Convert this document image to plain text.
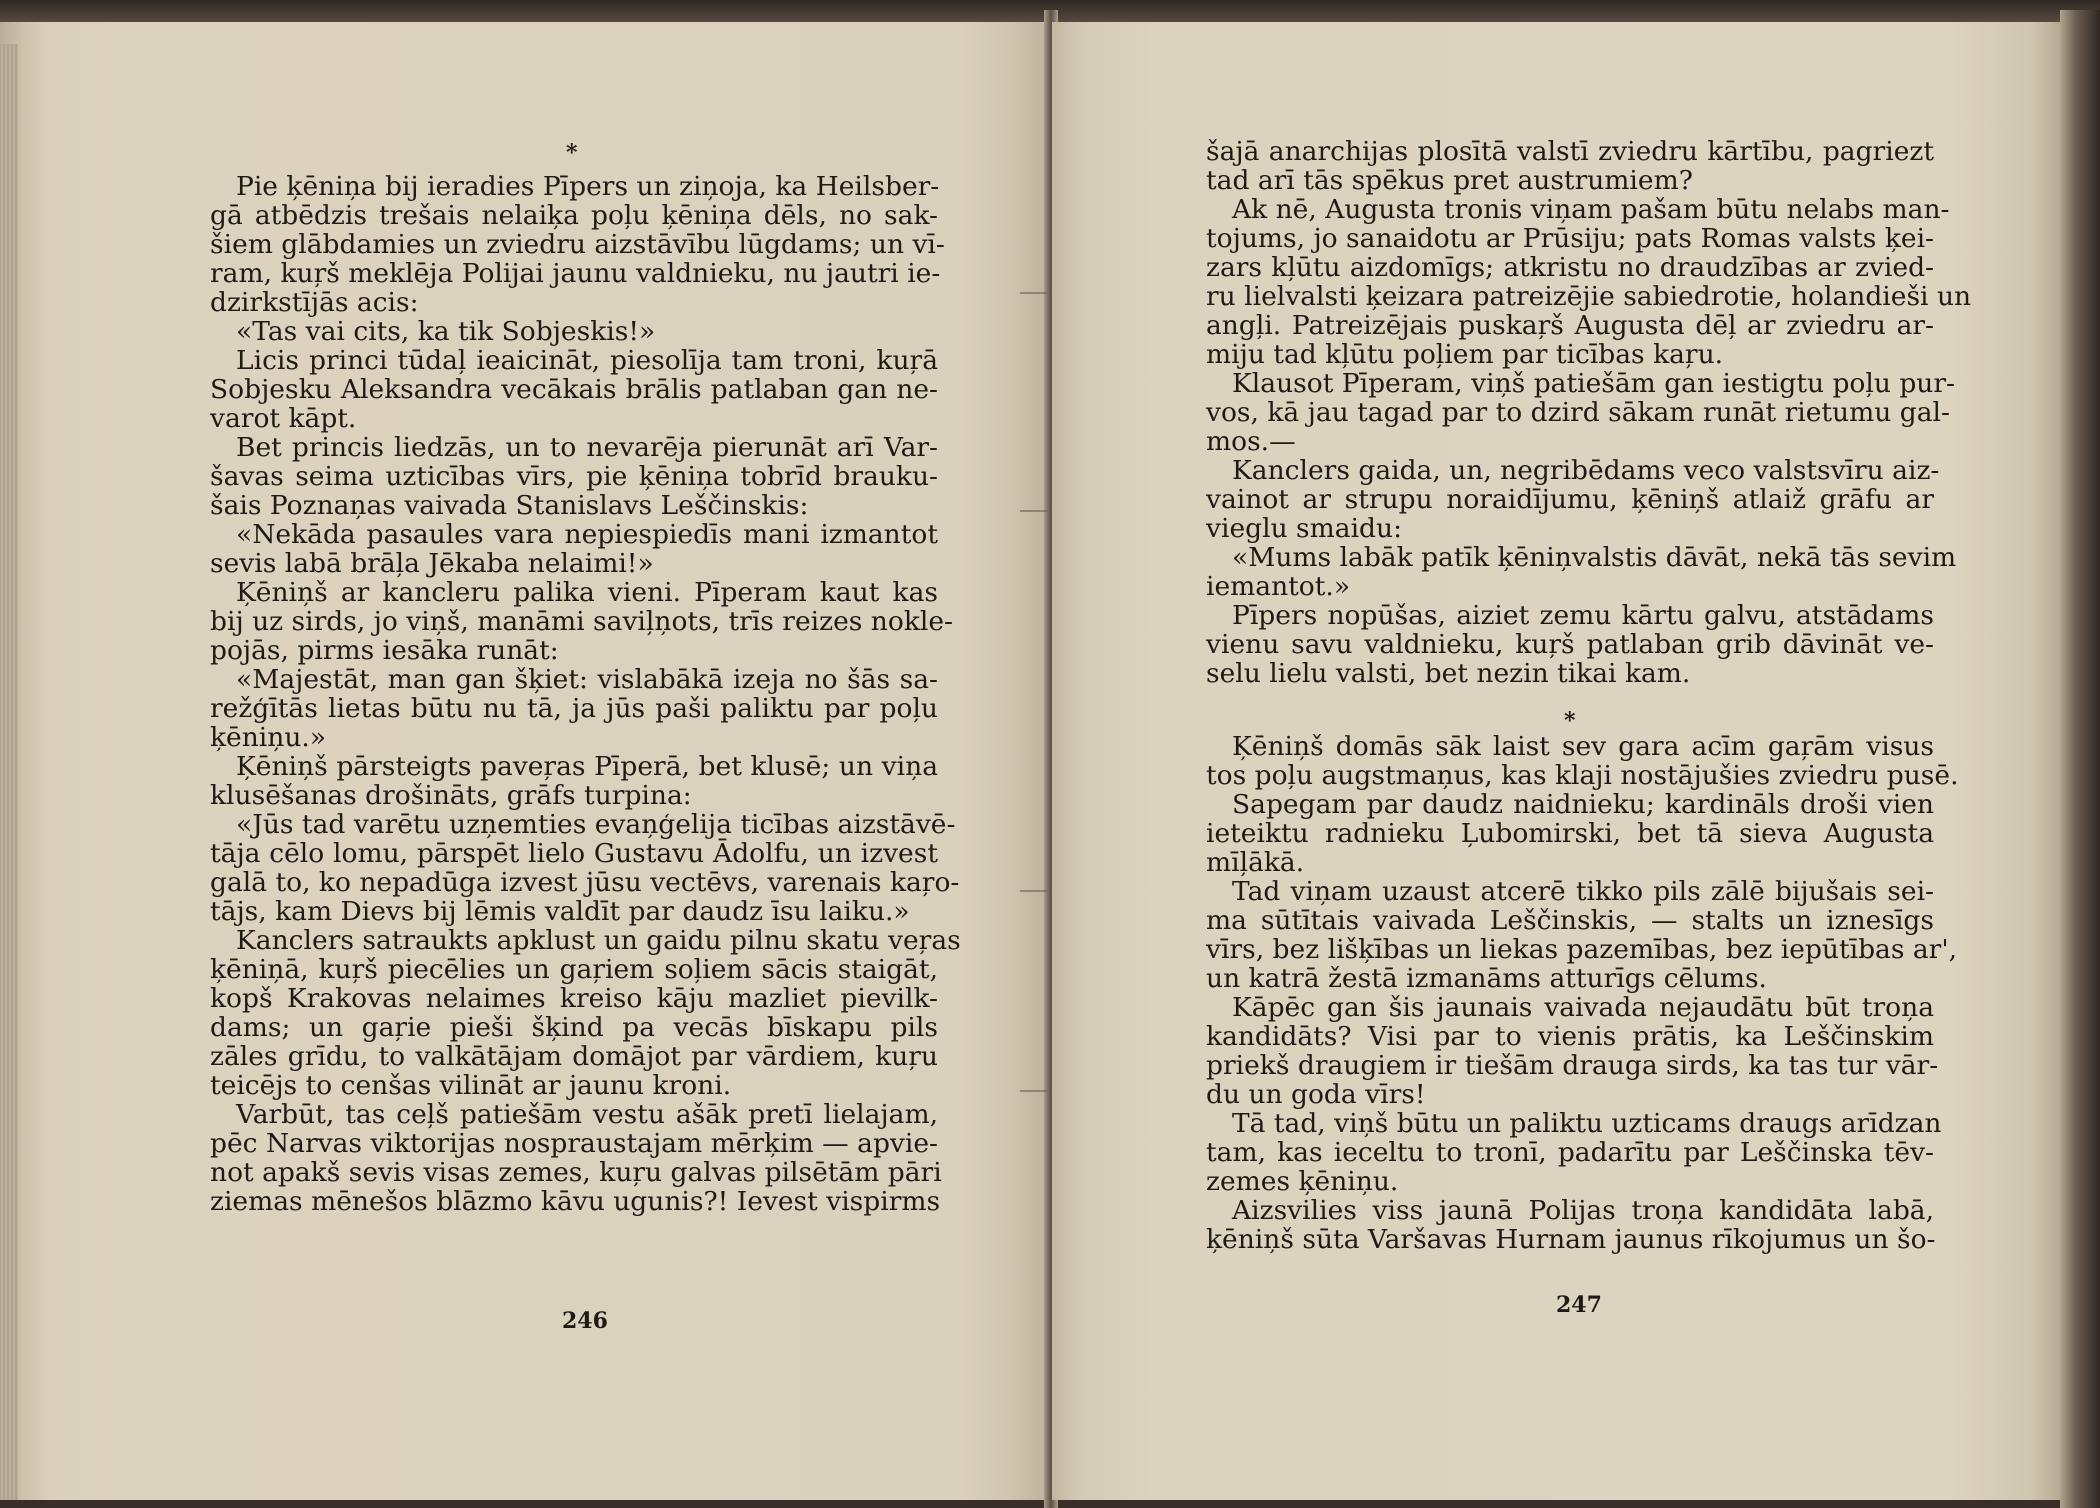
*
Pie ķēniņa bij ieradies Pīpers un ziņoja, ka Heilsber-
gā atbēdzis trešais nelaiķa poļu ķēniņa dēls, no sak-
šiem glābdamies un zviedru aizstāvību lūgdams; un vī-
ram, kuŗš meklēja Polijai jaunu valdnieku, nu jautri ie-
dzirkstījās acis:
«Tas vai cits, ka tik Sobjeskis!»
Licis princi tūdaļ ieaicināt, piesolīja tam troni, kuŗā
Sobjesku Aleksandra vecākais brālis patlaban gan ne-
varot kāpt.
Bet princis liedzās, un to nevarēja pierunāt arī Var-
šavas seima uzticības vīrs, pie ķēniņa tobrīd brauku-
šais Poznaņas vaivada Stanislavs Leščinskis:
«Nekāda pasaules vara nepiespiedīs mani izmantot
sevis labā brāļa Jēkaba nelaimi!»
Ķēniņš ar kancleru palika vieni. Pīperam kaut kas
bij uz sirds, jo viņš, manāmi saviļņots, trīs reizes nokle-
pojās, pirms iesāka runāt:
«Majestāt, man gan šķiet: vislabākā izeja no šās sa-
režģītās lietas būtu nu tā, ja jūs paši paliktu par poļu
ķēniņu.»
Ķēniņš pārsteigts paveŗas Pīperā, bet klusē; un viņa
klusēšanas drošināts, grāfs turpina:
«Jūs tad varētu uzņemties evaņģelija ticības aizstāvē-
tāja cēlo lomu, pārspēt lielo Gustavu Ādolfu, un izvest
galā to, ko nepadūga izvest jūsu vectēvs, varenais kaŗo-
tājs, kam Dievs bij lēmis valdīt par daudz īsu laiku.»
Kanclers satraukts apklust un gaidu pilnu skatu veŗas
ķēniņā, kuŗš piecēlies un gaŗiem soļiem sācis staigāt,
kopš Krakovas nelaimes kreiso kāju mazliet pievilk-
dams; un gaŗie pieši šķind pa vecās bīskapu pils
zāles grīdu, to valkātājam domājot par vārdiem, kuŗu
teicējs to cenšas vilināt ar jaunu kroni.
Varbūt, tas ceļš patiešām vestu ašāk pretī lielajam,
pēc Narvas viktorijas nospraustajam mērķim — apvie-
not apakš sevis visas zemes, kuŗu galvas pilsētām pāri
ziemas mēnešos blāzmo kāvu ugunis?! Ievest vispirms
246
šajā anarchijas plosītā valstī zviedru kārtību, pagriezt
tad arī tās spēkus pret austrumiem?
Ak nē, Augusta tronis viņam pašam būtu nelabs man-
tojums, jo sanaidotu ar Prūsiju; pats Romas valsts ķei-
zars kļūtu aizdomīgs; atkristu no draudzības ar zvied-
ru lielvalsti ķeizara patreizējie sabiedrotie, holandieši un
angļi. Patreizējais puskaŗš Augusta dēļ ar zviedru ar-
miju tad kļūtu poļiem par ticības kaŗu.
Klausot Pīperam, viņš patiešām gan iestigtu poļu pur-
vos, kā jau tagad par to dzird sākam runāt rietumu gal-
mos.—
Kanclers gaida, un, negribēdams veco valstsvīru aiz-
vainot ar strupu noraidījumu, ķēniņš atlaiž grāfu ar
vieglu smaidu:
«Mums labāk patīk ķēniņvalstis dāvāt, nekā tās sevim
iemantot.»
Pīpers nopūšas, aiziet zemu kārtu galvu, atstādams
vienu savu valdnieku, kuŗš patlaban grib dāvināt ve-
selu lielu valsti, bet nezin tikai kam.
*
Ķēniņš domās sāk laist sev gara acīm gaŗām visus
tos poļu augstmaņus, kas klaji nostājušies zviedru pusē.
Sapegam par daudz naidnieku; kardināls droši vien
ieteiktu radnieku Ļubomirski, bet tā sieva Augusta
mīļākā.
Tad viņam uzaust atcerē tikko pils zālē bijušais sei-
ma sūtītais vaivada Leščinskis, — stalts un iznesīgs
vīrs, bez lišķības un liekas pazemības, bez iepūtības ar',
un katrā žestā izmanāms atturīgs cēlums.
Kāpēc gan šis jaunais vaivada nejaudātu būt troņa
kandidāts? Visi par to vienis prātis, ka Leščinskim
priekš draugiem ir tiešām drauga sirds, ka tas tur vār-
du un goda vīrs!
Tā tad, viņš būtu un paliktu uzticams draugs arīdzan
tam, kas ieceltu to tronī, padarītu par Leščinska tēv-
zemes ķēniņu.
Aizsvilies viss jaunā Polijas troņa kandidāta labā,
ķēniņš sūta Varšavas Hurnam jaunus rīkojumus un šo-
247
